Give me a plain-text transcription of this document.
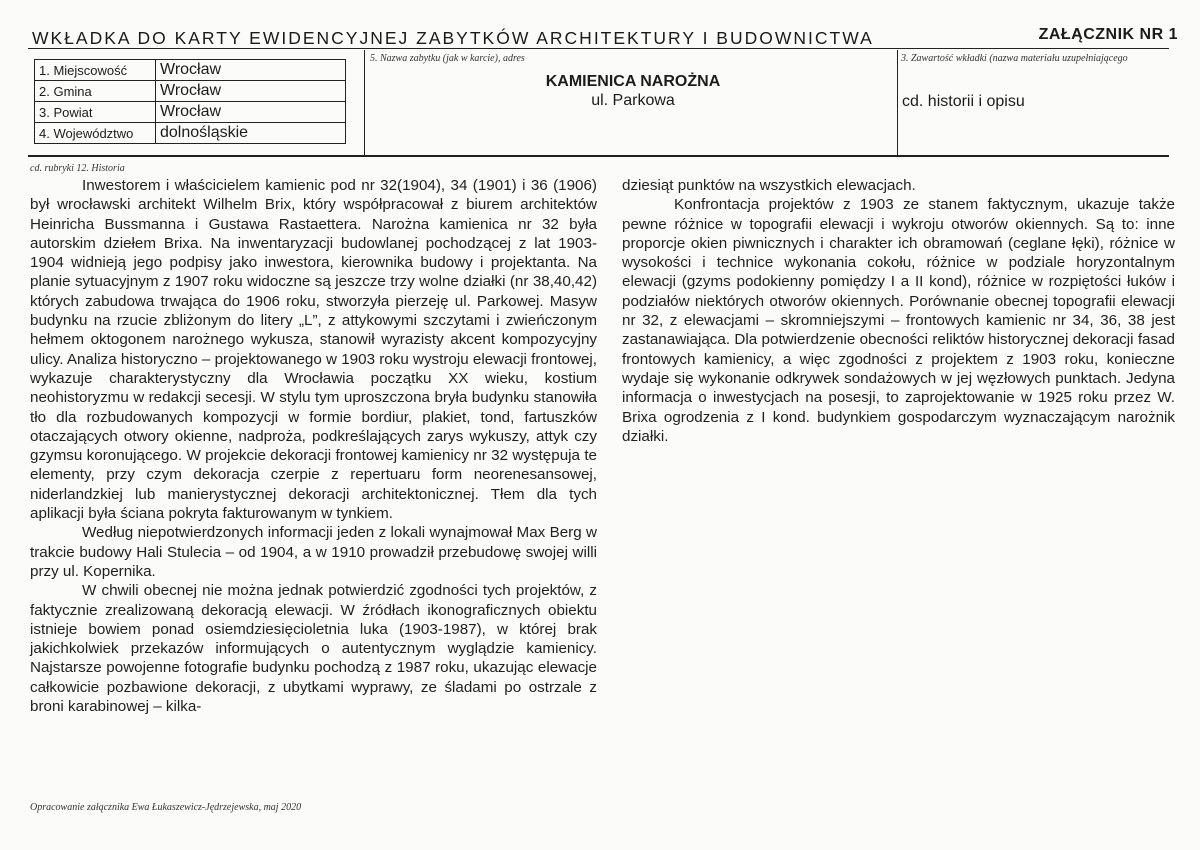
WKŁADKA DO KARTY EWIDENCYJNEJ ZABYTKÓW ARCHITEKTURY I BUDOWNICTWA	ZAŁĄCZNIK NR 1
1. Miejscowość	Wrocław
2. Gmina	Wrocław
3. Powiat	Wrocław
4. Województwo	dolnośląskie
5. Nazwa zabytku (jak w karcie), adres
KAMIENICA NAROŻNA
ul. Parkowa
3. Zawartość wkładki (nazwa materiału uzupełniającego
cd. historii i opisu
cd. rubryki 12. Historia

Inwestorem i właścicielem kamienic pod nr 32(1904), 34 (1901) i 36 (1906) był wrocławski architekt Wilhelm Brix, który współpracował z biurem architektów Heinricha Bussmanna i Gustawa Rastaettera. Narożna kamienica nr 32 była autorskim dziełem Brixa. Na inwentaryzacji budowlanej pochodzącej z lat 1903-1904 widnieją jego podpisy jako inwestora, kierownika budowy i projektanta. Na planie sytuacyjnym z 1907 roku widoczne są jeszcze trzy wolne działki (nr 38,40,42) których zabudowa trwająca do 1906 roku, stworzyła pierzeję ul. Parkowej. Masyw budynku na rzucie zbliżonym do litery „L”, z attykowymi szczytami i zwieńczonym hełmem oktogonem narożnego wykusza, stanowił wyrazisty akcent kompozycyjny ulicy. Analiza historyczno – projektowanego w 1903 roku wystroju elewacji frontowej, wykazuje charakterystyczny dla Wrocławia początku XX wieku, kostium neohistoryzmu w redakcji secesji. W stylu tym uproszczona bryła budynku stanowiła tło dla rozbudowanych kompozycji w formie bordiur, plakiet, tond, fartuszków otaczających otwory okienne, nadproża, podkreślających zarys wykuszy, attyk czy gzymsu koronującego. W projekcie dekoracji frontowej kamienicy nr 32 występuja te elementy, przy czym dekoracja czerpie z repertuaru form neorenesansowej, niderlandzkiej lub manierystycznej dekoracji architektonicznej. Tłem dla tych aplikacji była ściana pokryta fakturowanym w tynkiem.

Według niepotwierdzonych informacji jeden z lokali wynajmował Max Berg w trakcie budowy Hali Stulecia – od 1904, a w 1910 prowadził przebudowę swojej willi przy ul. Kopernika.

W chwili obecnej nie można jednak potwierdzić zgodności tych projektów, z faktycznie zrealizowaną dekoracją elewacji. W źródłach ikonograficznych obiektu istnieje bowiem ponad osiemdziesięcioletnia luka (1903-1987), w której brak jakichkolwiek przekazów informujących o autentycznym wyglądzie kamienicy. Najstarsze powojenne fotografie budynku pochodzą z 1987 roku, ukazując elewacje całkowicie pozbawione dekoracji, z ubytkami wyprawy, ze śladami po ostrzale z broni karabinowej – kilka-

dziesiąt punktów na wszystkich elewacjach.

Konfrontacja projektów z 1903 ze stanem faktycznym, ukazuje także pewne różnice w topografii elewacji i wykroju otworów okiennych. Są to: inne proporcje okien piwnicznych i charakter ich obramowań (ceglane łęki), różnice w wysokości i technice wykonania cokołu, różnice w podziale horyzontalnym elewacji (gzyms podokienny pomiędzy I a II kond), różnice w rozpiętości łuków i podziałów niektórych otworów okiennych. Porównanie obecnej topografii elewacji nr 32, z elewacjami – skromniejszymi – frontowych kamienic nr 34, 36, 38 jest zastanawiająca. Dla potwierdzenie obecności reliktów historycznej dekoracji fasad frontowych kamienicy, a więc zgodności z projektem z 1903 roku, konieczne wydaje się wykonanie odkrywek sondażowych w jej węzłowych punktach. Jedyna informacja o inwestycjach na posesji, to zaprojektowanie w 1925 roku przez W. Brixa ogrodzenia z I kond. budynkiem gospodarczym wyznaczającym narożnik działki.

Opracowanie załącznika Ewa Łukaszewicz-Jędrzejewska, maj 2020
